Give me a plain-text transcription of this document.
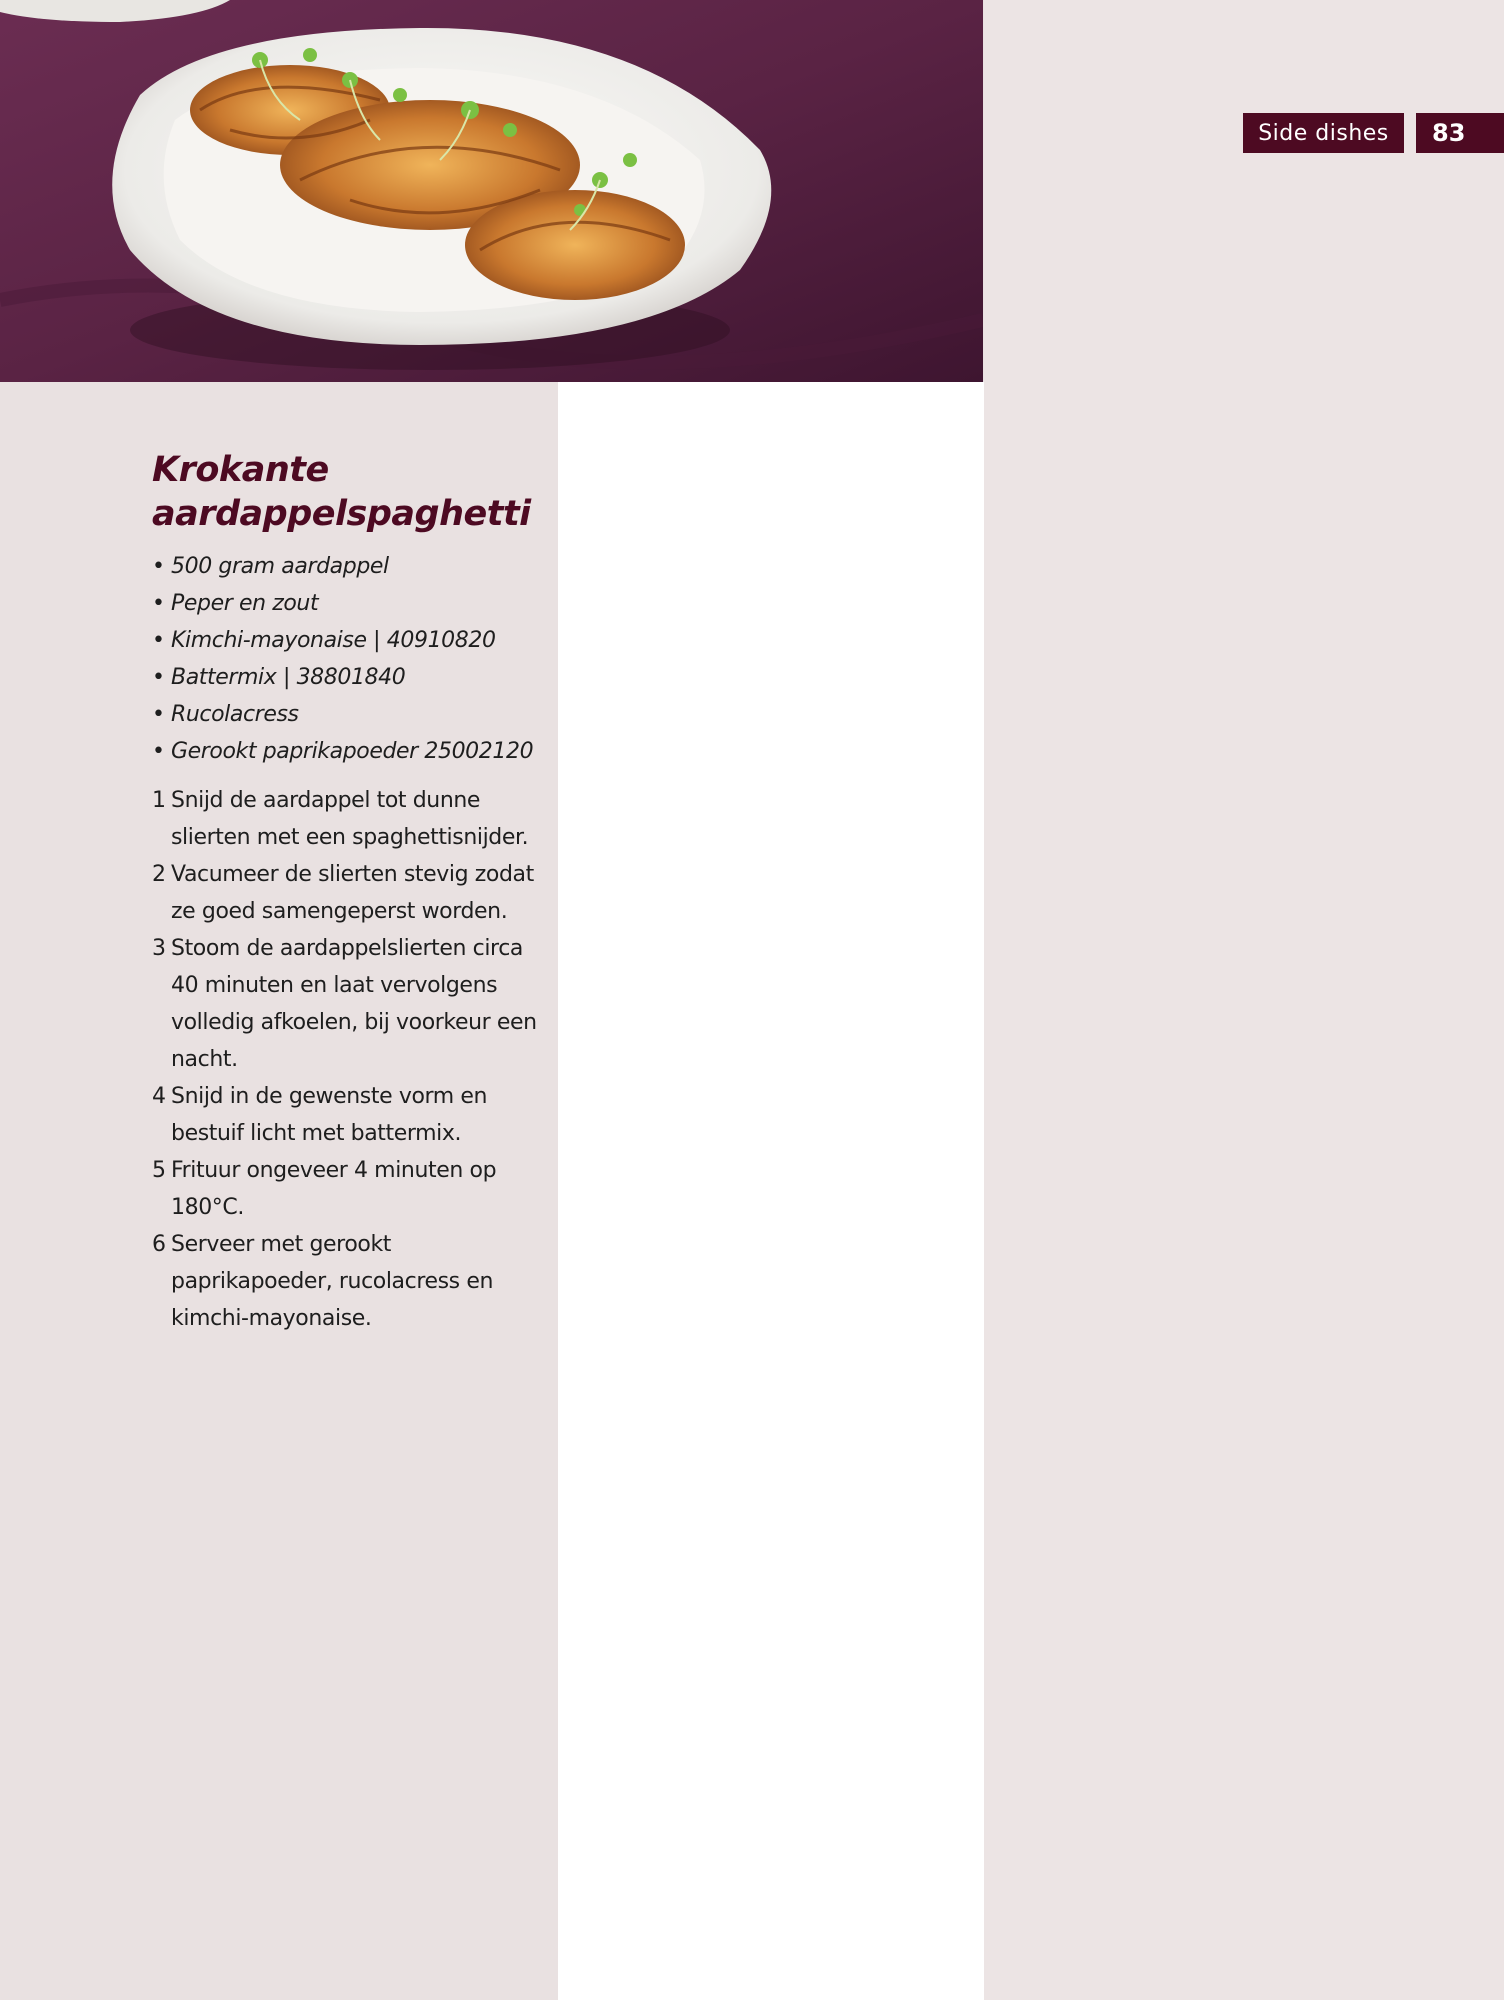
Side dishes	83
Krokante
aardappelspaghetti
• 500 gram aardappel
• Peper en zout
• Kimchi-mayonaise | 40910820
• Battermix | 38801840
• Rucolacress
• Gerookt paprikapoeder 25002120
1 Snijd de aardappel tot dunne slierten met een spaghettisnijder.
2 Vacumeer de slierten stevig zodat ze goed samengeperst worden.
3 Stoom de aardappelslierten circa 40 minuten en laat vervolgens volledig afkoelen, bij voorkeur een nacht.
4 Snijd in de gewenste vorm en bestuif licht met battermix.
5 Frituur ongeveer 4 minuten op 180°C.
6 Serveer met gerookt paprikapoeder, rucolacress en kimchi-mayonaise.
